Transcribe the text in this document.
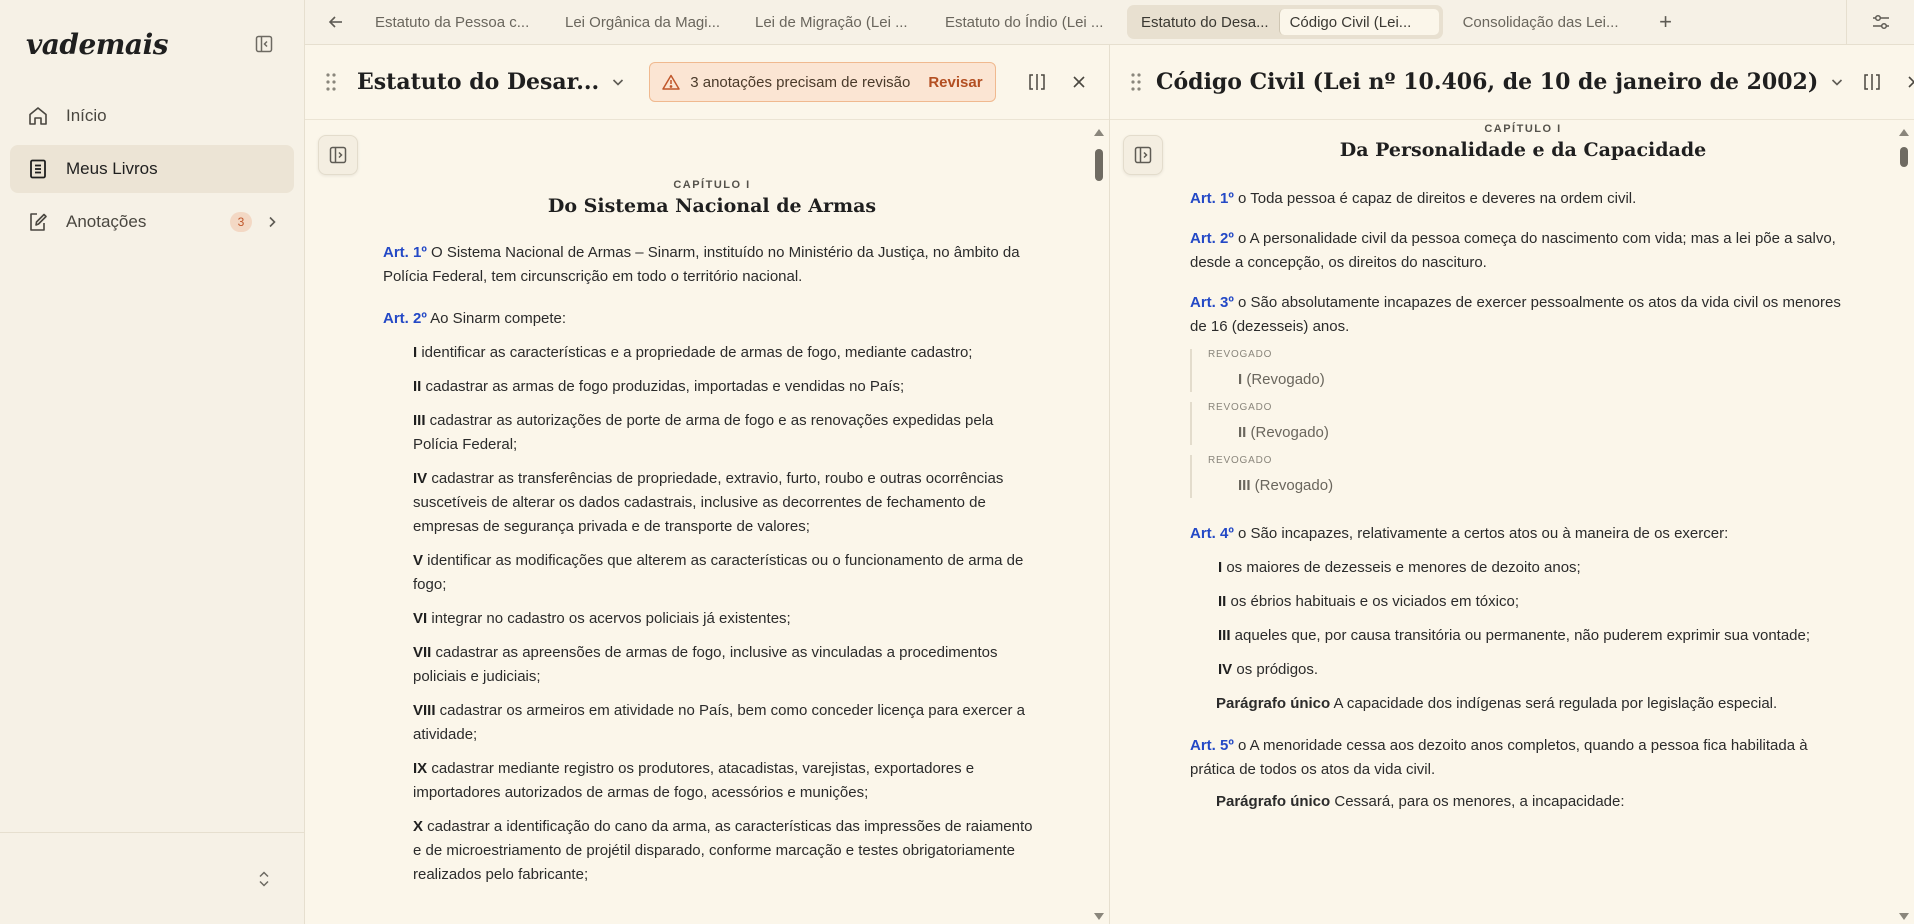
vademais
Início
Meus Livros
Anotações	3
Estatuto da Pessoa c...	Lei Orgânica da Magi...	Lei de Migração (Lei ...	Estatuto do Índio (Lei ...	Estatuto do Desa...	Código Civil (Lei...	Consolidação das Lei...	+
Estatuto do Desar...	3 anotações precisam de revisão Revisar
CAPÍTULO I
Do Sistema Nacional de Armas

Art. 1º O Sistema Nacional de Armas – Sinarm, instituído no Ministério da Justiça, no âmbito da Polícia Federal, tem circunscrição em todo o território nacional.

Art. 2º Ao Sinarm compete:

I identificar as características e a propriedade de armas de fogo, mediante cadastro;

II cadastrar as armas de fogo produzidas, importadas e vendidas no País;

III cadastrar as autorizações de porte de arma de fogo e as renovações expedidas pela Polícia Federal;

IV cadastrar as transferências de propriedade, extravio, furto, roubo e outras ocorrências suscetíveis de alterar os dados cadastrais, inclusive as decorrentes de fechamento de empresas de segurança privada e de transporte de valores;

V identificar as modificações que alterem as características ou o funcionamento de arma de fogo;

VI integrar no cadastro os acervos policiais já existentes;

VII cadastrar as apreensões de armas de fogo, inclusive as vinculadas a procedimentos policiais e judiciais;

VIII cadastrar os armeiros em atividade no País, bem como conceder licença para exercer a atividade;

IX cadastrar mediante registro os produtores, atacadistas, varejistas, exportadores e importadores autorizados de armas de fogo, acessórios e munições;

X cadastrar a identificação do cano da arma, as características das impressões de raiamento e de microestriamento de projétil disparado, conforme marcação e testes obrigatoriamente realizados pelo fabricante;

Código Civil (Lei nº 10.406, de 10 de janeiro de 2002)
CAPÍTULO I
Da Personalidade e da Capacidade

Art. 1º o Toda pessoa é capaz de direitos e deveres na ordem civil.

Art. 2º o A personalidade civil da pessoa começa do nascimento com vida; mas a lei põe a salvo, desde a concepção, os direitos do nascituro.

Art. 3º o São absolutamente incapazes de exercer pessoalmente os atos da vida civil os menores de 16 (dezesseis) anos.

REVOGADO
I (Revogado)
REVOGADO
II (Revogado)
REVOGADO
III (Revogado)

Art. 4º o São incapazes, relativamente a certos atos ou à maneira de os exercer:

I os maiores de dezesseis e menores de dezoito anos;

II os ébrios habituais e os viciados em tóxico;

III aqueles que, por causa transitória ou permanente, não puderem exprimir sua vontade;

IV os pródigos.

Parágrafo único A capacidade dos indígenas será regulada por legislação especial.

Art. 5º o A menoridade cessa aos dezoito anos completos, quando a pessoa fica habilitada à prática de todos os atos da vida civil.

Parágrafo único Cessará, para os menores, a incapacidade:
